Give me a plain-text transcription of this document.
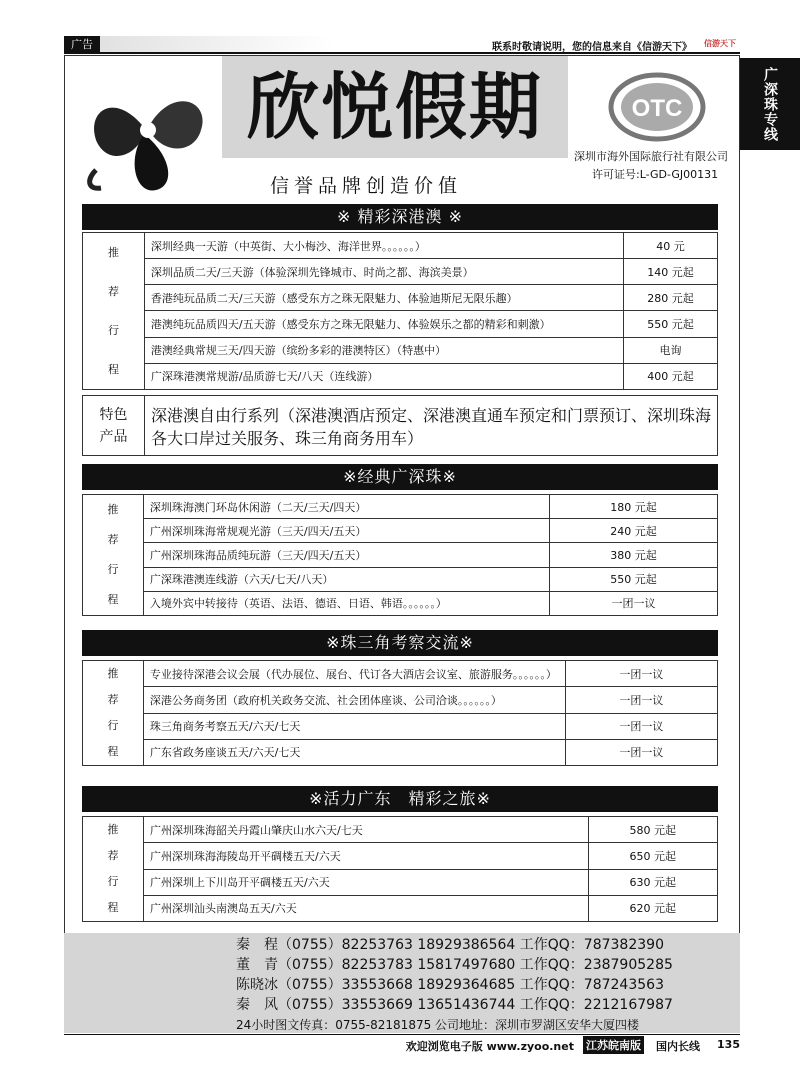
广告	联系时敬请说明，您的信息来自《信游天下》 信游天下
广深珠专线
欣悦假期	OTC
深圳市海外国际旅行社有限公司
许可证号:L-GD-GJ00131
信誉品牌创造价值
※ 精彩深港澳 ※
推
荐
行
程	深圳经典一天游（中英街、大小梅沙、海洋世界。。。。。。）	40 元
	深圳品质二天/三天游（体验深圳先锋城市、时尚之都、海滨美景）	140 元起
	香港纯玩品质二天/三天游（感受东方之珠无限魅力、体验迪斯尼无限乐趣）	280 元起
	港澳纯玩品质四天/五天游（感受东方之珠无限魅力、体验娱乐之都的精彩和刺激）	550 元起
	港澳经典常规三天/四天游（缤纷多彩的港澳特区）（特惠中）	电询
	广深珠港澳常规游/品质游七天/八天（连线游）	400 元起
特色
产品	深港澳自由行系列（深港澳酒店预定、深港澳直通车预定和门票预订、深圳珠海各大口岸过关服务、珠三角商务用车）
※经典广深珠※
推
荐
行
程	深圳珠海澳门环岛休闲游（二天/三天/四天）	180 元起
	广州深圳珠海常规观光游（三天/四天/五天）	240 元起
	广州深圳珠海品质纯玩游（三天/四天/五天）	380 元起
	广深珠港澳连线游（六天/七天/八天）	550 元起
	入境外宾中转接待（英语、法语、德语、日语、韩语。。。。。。）	一团一议
※珠三角考察交流※
推
荐
行
程	专业接待深港会议会展（代办展位、展台、代订各大酒店会议室、旅游服务。。。。。。）	一团一议
	深港公务商务团（政府机关政务交流、社会团体座谈、公司洽谈。。。。。。）	一团一议
	珠三角商务考察五天/六天/七天	一团一议
	广东省政务座谈五天/六天/七天	一团一议
※活力广东　精彩之旅※
推
荐
行
程	广州深圳珠海韶关丹霞山肇庆山水六天/七天	580 元起
	广州深圳珠海海陵岛开平碉楼五天/六天	650 元起
	广州深圳上下川岛开平碉楼五天/六天	630 元起
	广州深圳汕头南澳岛五天/六天	620 元起
秦　程（0755）82253763 18929386564 工作QQ：787382390
董　青（0755）82253783 15817497680 工作QQ：2387905285
陈晓冰（0755）33553668 18929364685 工作QQ：787243563
秦　风（0755）33553669 13651436744 工作QQ：2212167987
24小时图文传真：0755-82181875 公司地址：深圳市罗湖区安华大厦四楼
欢迎浏览电子版 www.zyoo.net 江苏皖南版 国内长线 135
